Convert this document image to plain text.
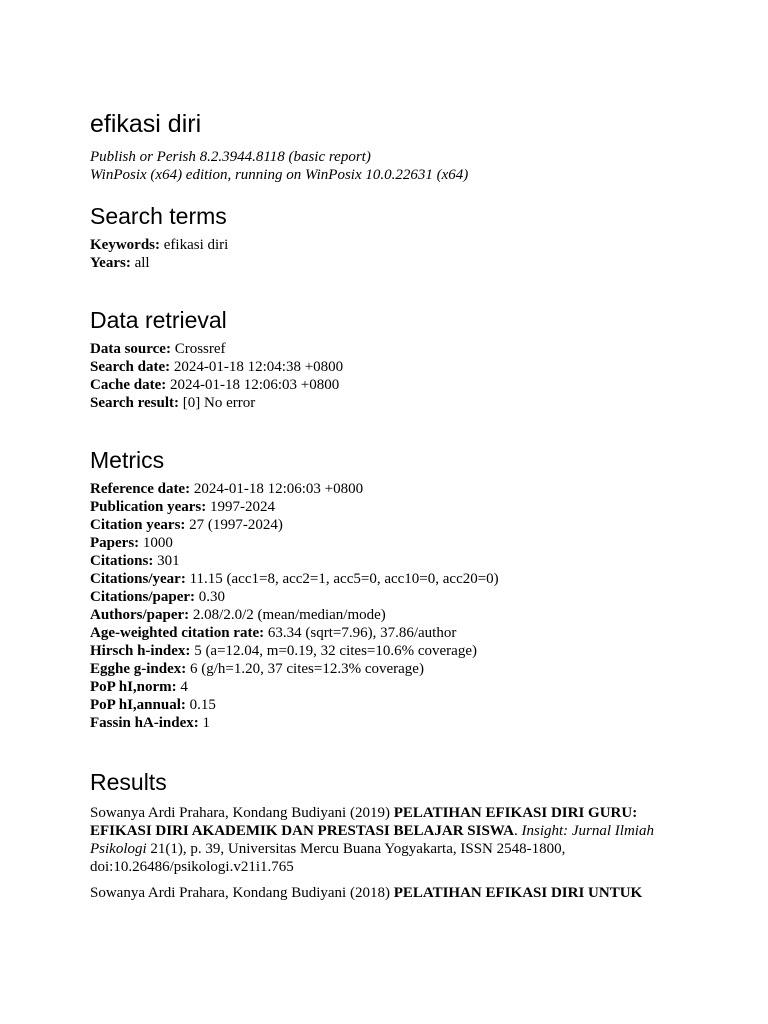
efikasi diri

Publish or Perish 8.2.3944.8118 (basic report)

WinPosix (x64) edition, running on WinPosix 10.0.22631 (x64)

Search terms

Keywords: efikasi diri

Years: all

Data retrieval

Data source: Crossref

Search date: 2024-01-18 12:04:38 +0800

Cache date: 2024-01-18 12:06:03 +0800

Search result: [0] No error

Metrics

Reference date: 2024-01-18 12:06:03 +0800

Publication years: 1997-2024

Citation years: 27 (1997-2024)

Papers: 1000

Citations: 301

Citations/year: 11.15 (acc1=8, acc2=1, acc5=0, acc10=0, acc20=0)

Citations/paper: 0.30

Authors/paper: 2.08/2.0/2 (mean/median/mode)

Age-weighted citation rate: 63.34 (sqrt=7.96), 37.86/author

Hirsch h-index: 5 (a=12.04, m=0.19, 32 cites=10.6% coverage)

Egghe g-index: 6 (g/h=1.20, 37 cites=12.3% coverage)

PoP hI,norm: 4

PoP hI,annual: 0.15

Fassin hA-index: 1

Results

Sowanya Ardi Prahara, Kondang Budiyani (2019) PELATIHAN EFIKASI DIRI GURU: EFIKASI DIRI AKADEMIK DAN PRESTASI BELAJAR SISWA. Insight: Jurnal Ilmiah Psikologi 21(1), p. 39, Universitas Mercu Buana Yogyakarta, ISSN 2548-1800, doi:10.26486/psikologi.v21i1.765

Sowanya Ardi Prahara, Kondang Budiyani (2018) PELATIHAN EFIKASI DIRI UNTUK
